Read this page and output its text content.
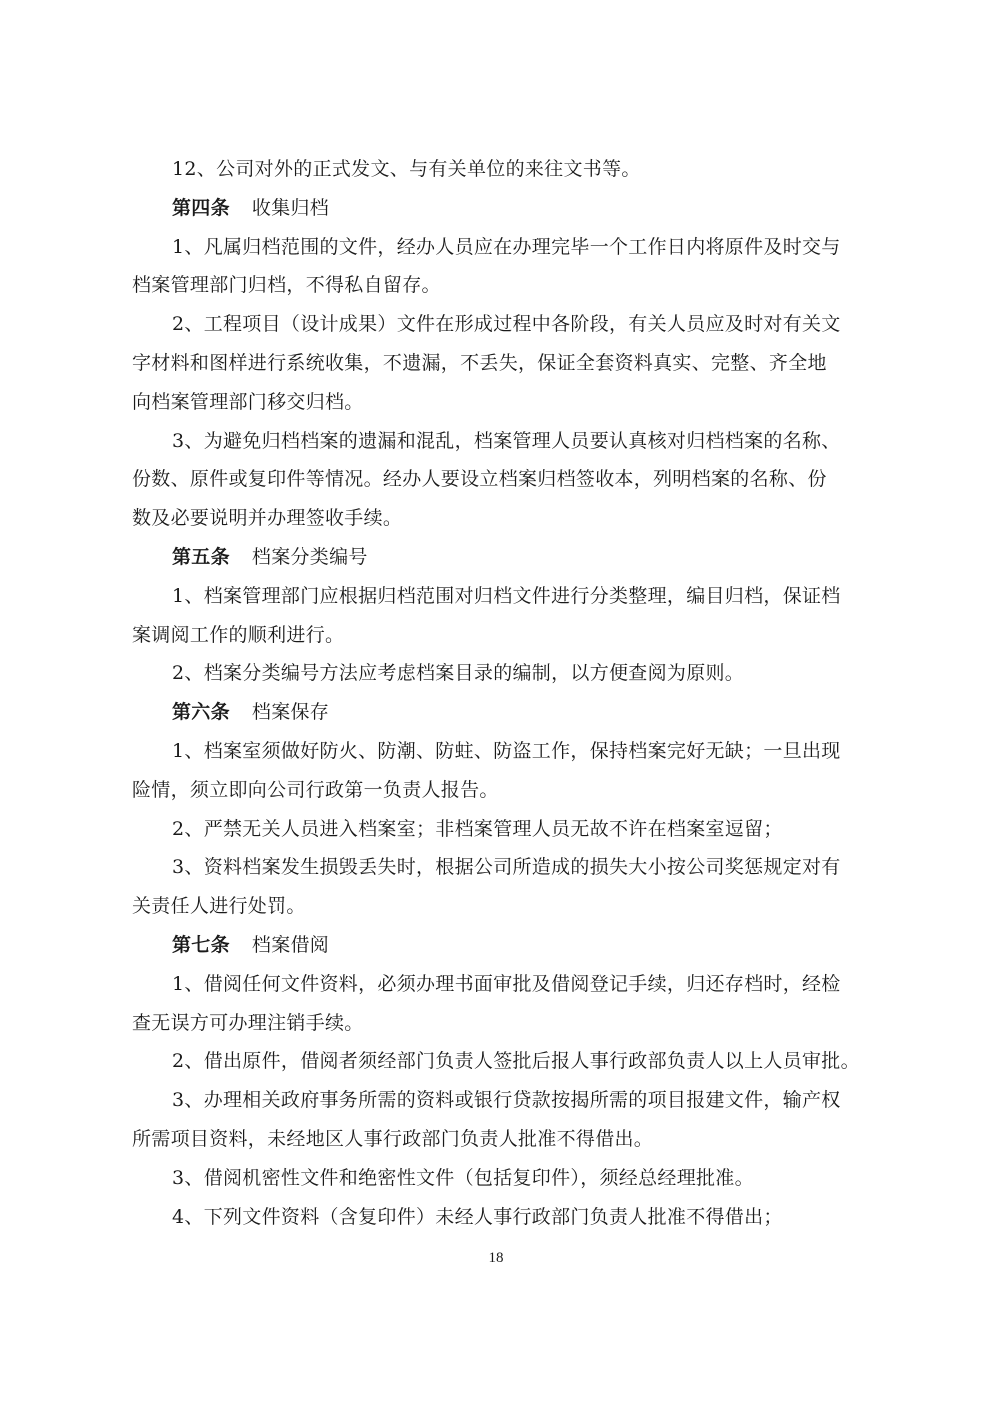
12、公司对外的正式发文、与有关单位的来往文书等。
第四条 收集归档
1、凡属归档范围的文件，经办人员应在办理完毕一个工作日内将原件及时交与
档案管理部门归档，不得私自留存。
2、工程项目（设计成果）文件在形成过程中各阶段，有关人员应及时对有关文
字材料和图样进行系统收集，不遗漏，不丢失，保证全套资料真实、完整、齐全地
向档案管理部门移交归档。
3、为避免归档档案的遗漏和混乱，档案管理人员要认真核对归档档案的名称、
份数、原件或复印件等情况。经办人要设立档案归档签收本，列明档案的名称、份
数及必要说明并办理签收手续。
第五条 档案分类编号
1、档案管理部门应根据归档范围对归档文件进行分类整理，编目归档，保证档
案调阅工作的顺利进行。
2、档案分类编号方法应考虑档案目录的编制，以方便查阅为原则。
第六条 档案保存
1、档案室须做好防火、防潮、防蛀、防盗工作，保持档案完好无缺；一旦出现
险情，须立即向公司行政第一负责人报告。
2、严禁无关人员进入档案室；非档案管理人员无故不许在档案室逗留；
3、资料档案发生损毁丢失时，根据公司所造成的损失大小按公司奖惩规定对有
关责任人进行处罚。
第七条 档案借阅
1、借阅任何文件资料，必须办理书面审批及借阅登记手续，归还存档时，经检
查无误方可办理注销手续。
2、借出原件，借阅者须经部门负责人签批后报人事行政部负责人以上人员审批。
3、办理相关政府事务所需的资料或银行贷款按揭所需的项目报建文件，输产权
所需项目资料，未经地区人事行政部门负责人批准不得借出。
3、借阅机密性文件和绝密性文件（包括复印件），须经总经理批准。
4、下列文件资料（含复印件）未经人事行政部门负责人批准不得借出；
18
